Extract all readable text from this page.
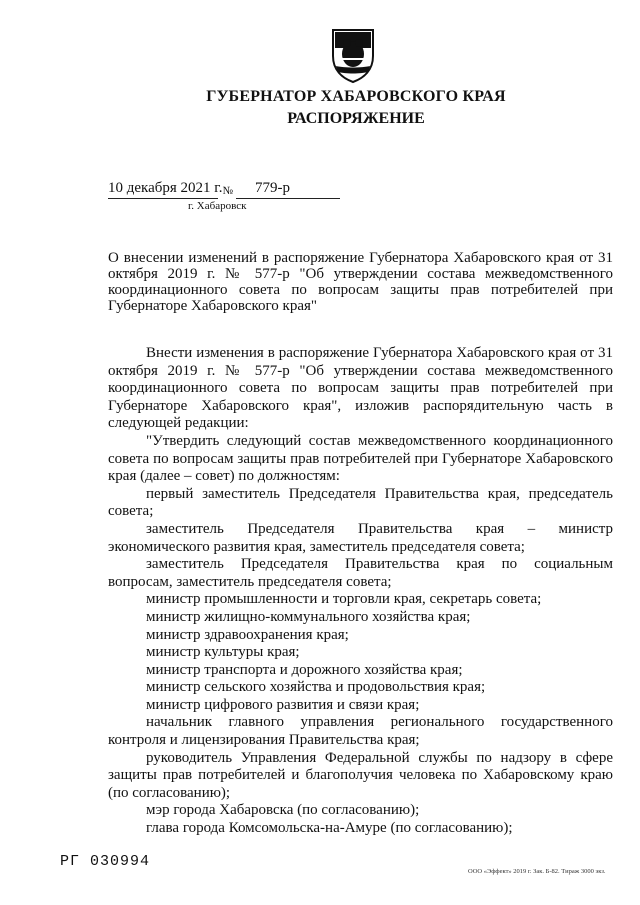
ГУБЕРНАТОР ХАБАРОВСКОГО КРАЯ
РАСПОРЯЖЕНИЕ
10 декабря 2021 г.№ 779-р
г. Хабаровск
О внесении изменений в распоряжение Губернатора Хабаровского края от 31 октября 2019 г. № 577-р "Об утверждении состава межведомственного координационного совета по вопросам защиты прав потребителей при Губернаторе Хабаровского края"

Внести изменения в распоряжение Губернатора Хабаровского края от 31 октября 2019 г. № 577-р "Об утверждении состава межведомственного координационного совета по вопросам защиты прав потребителей при Губернаторе Хабаровского края", изложив распорядительную часть в следующей редакции:

"Утвердить следующий состав межведомственного координационного совета по вопросам защиты прав потребителей при Губернаторе Хабаровского края (далее – совет) по должностям:

первый заместитель Председателя Правительства края, председатель совета;

заместитель Председателя Правительства края – министр экономического развития края, заместитель председателя совета;

заместитель Председателя Правительства края по социальным вопросам, заместитель председателя совета;

министр промышленности и торговли края, секретарь совета;

министр жилищно-коммунального хозяйства края;

министр здравоохранения края;

министр культуры края;

министр транспорта и дорожного хозяйства края;

министр сельского хозяйства и продовольствия края;

министр цифрового развития и связи края;

начальник главного управления регионального государственного контроля и лицензирования Правительства края;

руководитель Управления Федеральной службы по надзору в сфере защиты прав потребителей и благополучия человека по Хабаровскому краю (по согласованию);

мэр города Хабаровска (по согласованию);

глава города Комсомольска-на-Амуре (по согласованию);

РГ 030994
ООО «Эффект» 2019 г. Зак. Б-82. Тираж 3000 экз.
